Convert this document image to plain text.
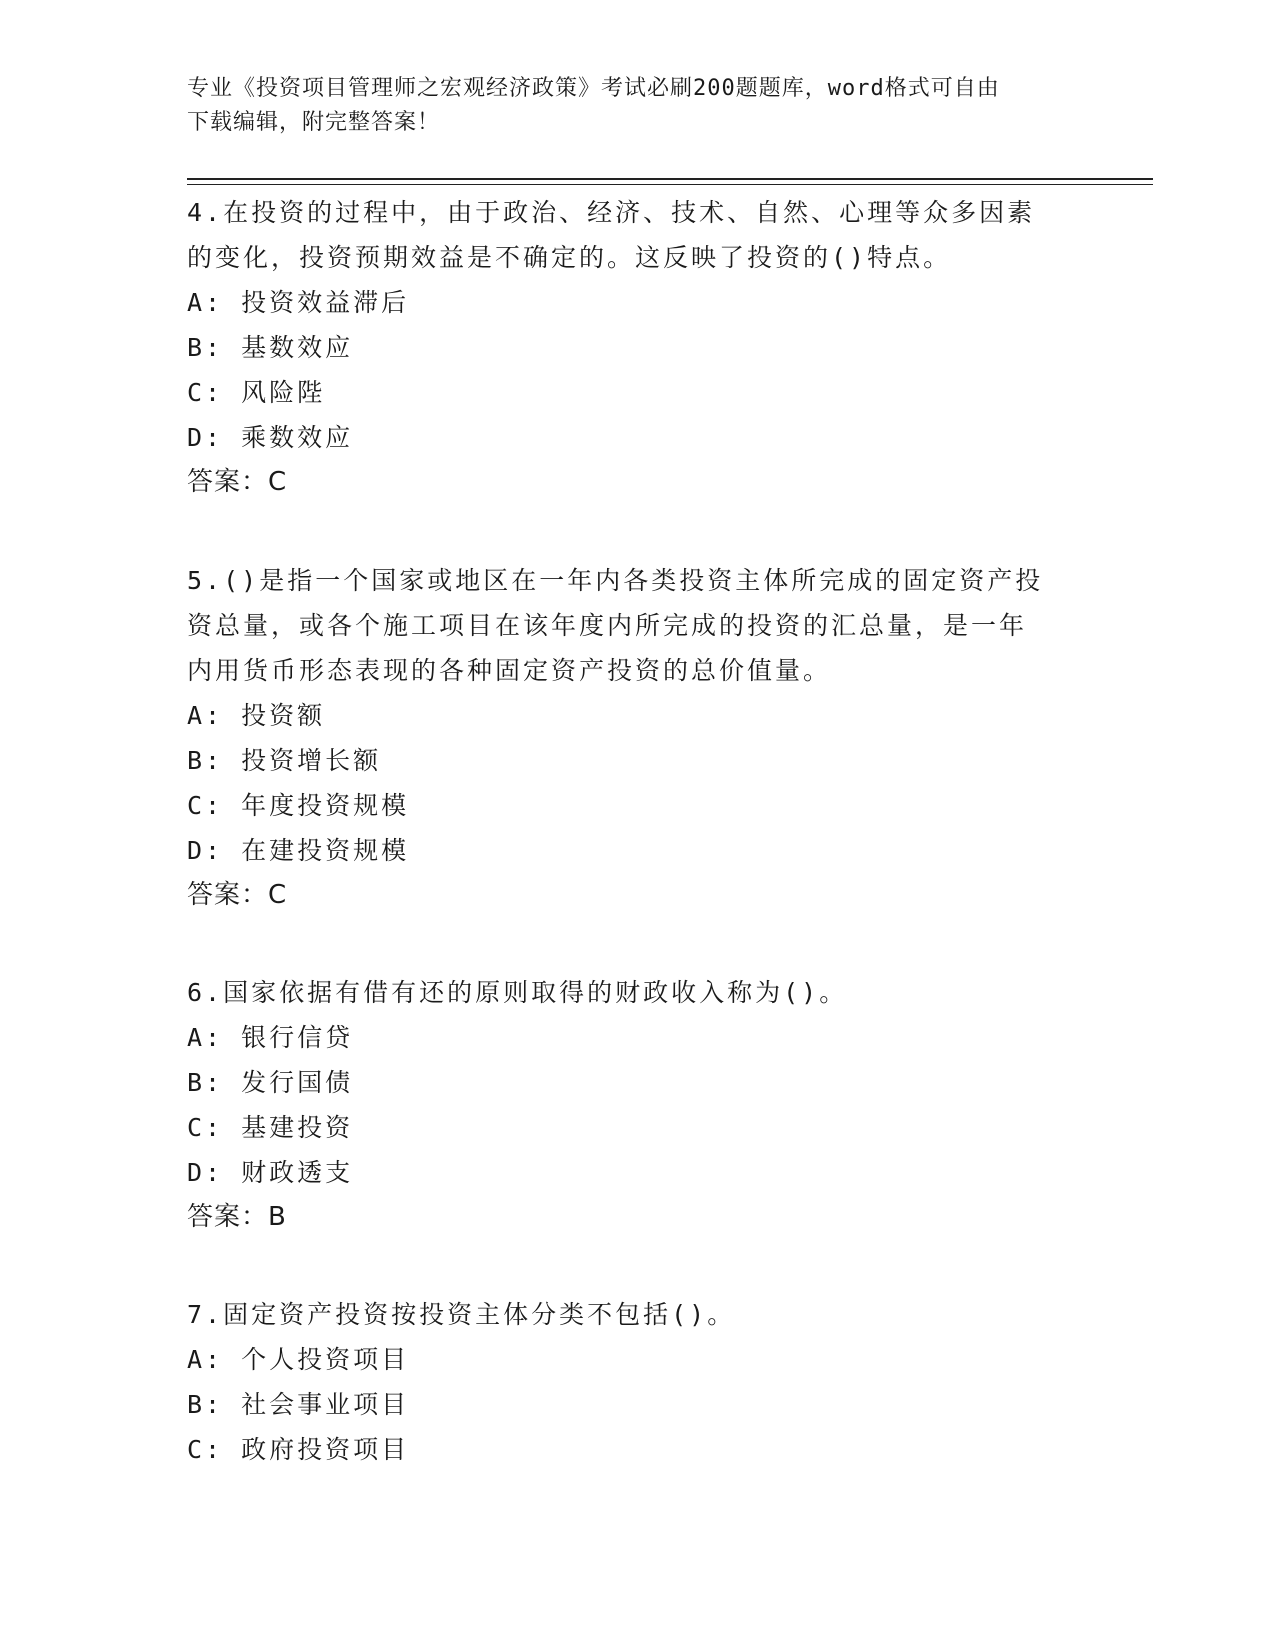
专业《投资项目管理师之宏观经济政策》考试必刷200题题库，word格式可自由
下载编辑，附完整答案！
4.在投资的过程中，由于政治、经济、技术、自然、心理等众多因素
的变化，投资预期效益是不确定的。这反映了投资的()特点。
A: 投资效益滞后
B: 基数效应
C: 风险陛
D: 乘数效应
答案：C
5.()是指一个国家或地区在一年内各类投资主体所完成的固定资产投
资总量，或各个施工项目在该年度内所完成的投资的汇总量，是一年
内用货币形态表现的各种固定资产投资的总价值量。
A: 投资额
B: 投资增长额
C: 年度投资规模
D: 在建投资规模
答案：C
6.国家依据有借有还的原则取得的财政收入称为()。
A: 银行信贷
B: 发行国债
C: 基建投资
D: 财政透支
答案：B
7.固定资产投资按投资主体分类不包括()。
A: 个人投资项目
B: 社会事业项目
C: 政府投资项目
